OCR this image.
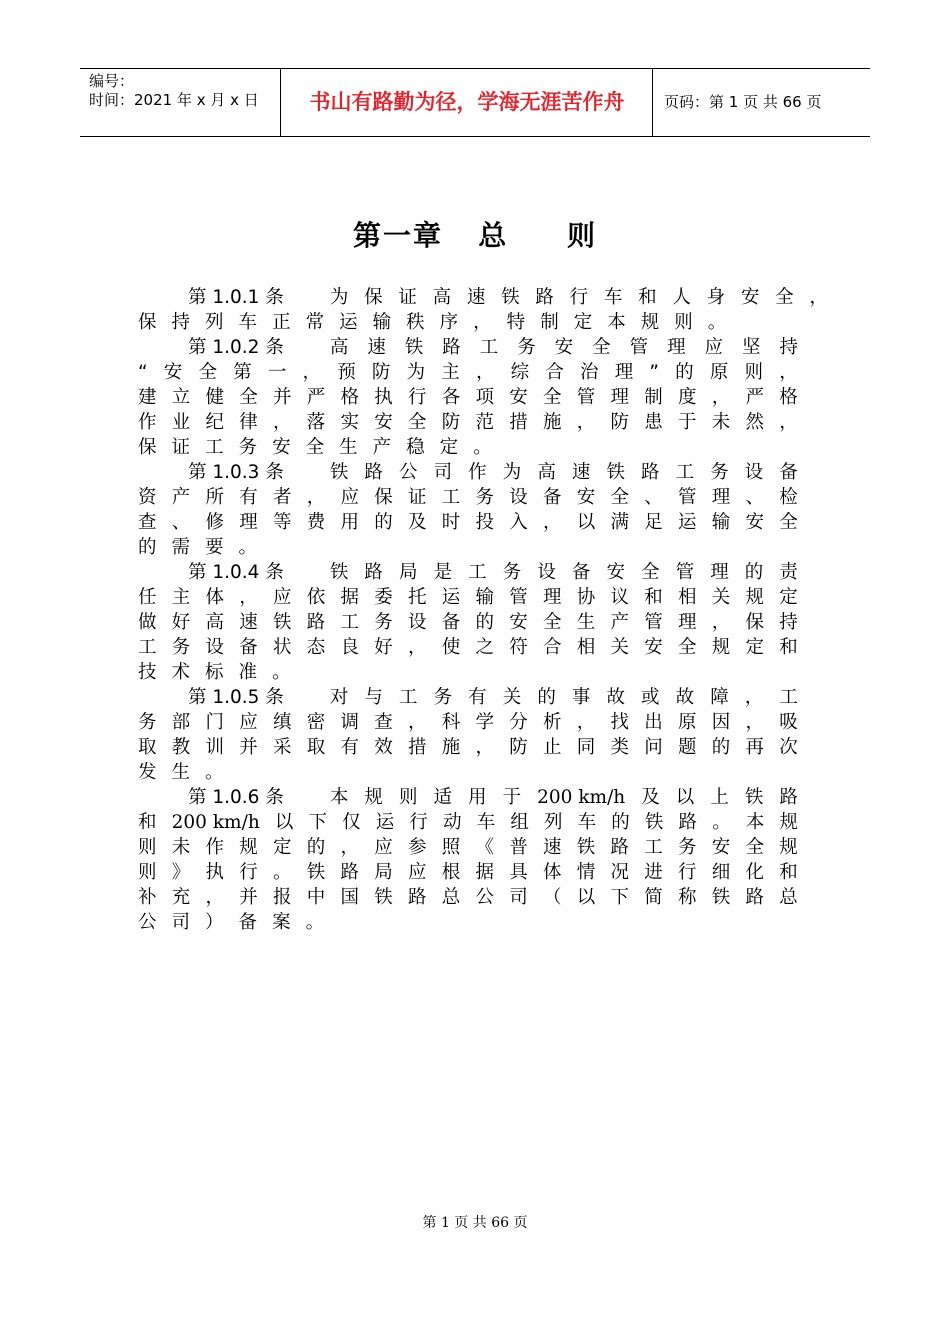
编号：
时间：2021 年 x 月 x 日	书山有路勤为径，学海无涯苦作舟	页码：第 1 页 共 66 页
第一章   总     则
第 1.0.1 条 为 保 证 高 速 铁 路 行 车 和 人 身 安 全 ，
保 持 列 车 正 常 运 输 秩 序 ， 特 制 定 本 规 则 。
第 1.0.2 条 高 速 铁 路 工 务 安 全 管 理 应 坚 持
“ 安 全 第 一 ， 预 防 为 主 ， 综 合 治 理 ” 的 原 则 ，
建 立 健 全 并 严 格 执 行 各 项 安 全 管 理 制 度 ， 严 格
作 业 纪 律 ， 落 实 安 全 防 范 措 施 ， 防 患 于 未 然 ，
保 证 工 务 安 全 生 产 稳 定 。
第 1.0.3 条 铁 路 公 司 作 为 高 速 铁 路 工 务 设 备
资 产 所 有 者 ， 应 保 证 工 务 设 备 安 全 、 管 理 、 检
查 、 修 理 等 费 用 的 及 时 投 入 ， 以 满 足 运 输 安 全
的 需 要 。
第 1.0.4 条 铁 路 局 是 工 务 设 备 安 全 管 理 的 责
任 主 体 ， 应 依 据 委 托 运 输 管 理 协 议 和 相 关 规 定
做 好 高 速 铁 路 工 务 设 备 的 安 全 生 产 管 理 ， 保 持
工 务 设 备 状 态 良 好 ， 使 之 符 合 相 关 安 全 规 定 和
技 术 标 准 。
第 1.0.5 条 对 与 工 务 有 关 的 事 故 或 故 障 ， 工
务 部 门 应 缜 密 调 查 ， 科 学 分 析 ， 找 出 原 因 ， 吸
取 教 训 并 采 取 有 效 措 施 ， 防 止 同 类 问 题 的 再 次
发 生 。
第 1.0.6 条 本 规 则 适 用 于 200 km/h 及 以 上 铁 路
和 200 km/h 以 下 仅 运 行 动 车 组 列 车 的 铁 路 。 本 规
则 未 作 规 定 的 ， 应 参 照 《 普 速 铁 路 工 务 安 全 规
则 》 执 行 。 铁 路 局 应 根 据 具 体 情 况 进 行 细 化 和
补 充 ， 并 报 中 国 铁 路 总 公 司 （ 以 下 简 称 铁 路 总
公 司 ） 备 案 。
第 1 页 共 66 页
